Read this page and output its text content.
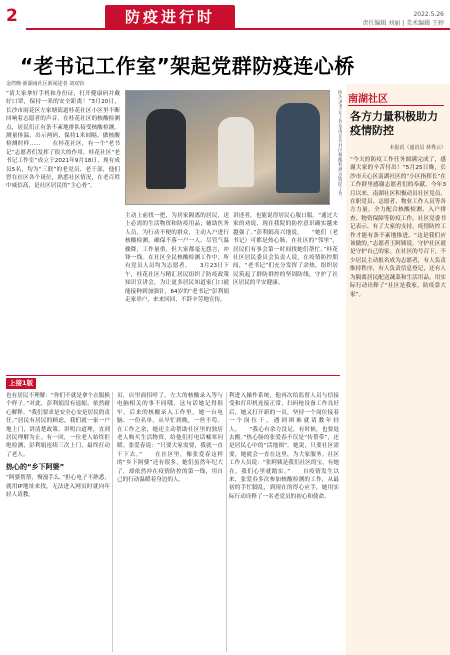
2	防疫进行时	2022.5.26
责任编辑 刘丽 | 美术编辑 王婷
“老书记工作室”架起党群防疫连心桥
金湾晚·新湖南社区新闻述者 刘双钧
“请大家拿好手机和身份证，打开健康码并戴好口罩，保持一米的安全距离！”3月20日，长沙市雨花区左家塘街道桂花社区小区里不断回响着志愿者的声音。在桂花社区的核酸检测点，居民们正有条不紊地排队接受核酸检测。测量体温、出示两码、保持1米间隔、做核酸检测时样……　　在桂花社区，有一个“老书记”志愿者们发挥了很大的作用。桂花社区“老书记工作室”成立于2021年9月18日，现有成员5名，均为“三联”的老党员、老干部，他们曾在社区各个岗位，熟悉社区情况，在老百姓中威信高，是社区居民的“主心骨”。	图为老书记工作室成员在社区核酸检测点协助工作。
主动上前找一把，为居家隔离的居民，送上必需的生活物资和防疫用品；辅助医务人员，为行动不便的群众，主动入户进行核酸检测。确保不落一户一人。尽管气温骤降，工作量重，但大家都毫无怨言，冲锋一线。在社区全民核酸检测工作中，所有党员人员均为志愿者。　　3月23日下午，桂花社区与精汇居民组织了防疫政策知识宣讲会，为让更多居民知道家门口就能接种到加强针，64岁的“老书记”彭利娟走家串户，来来回回，不辞辛劳地宣传。
讲述者，也能说得居民心服口服。“通过大家的劝说，现在我院的防控意识确实越来越强了。”彭利娟高兴地说。　　“她们（老书记）可都是热心肠，在社区的“邻里”，居民们有事会第一时间找她们帮忙。”桂花社区居民委员会负责人说，在疫情防控期间，“老书记”们充分发挥了余热，组织居民筑起了群防群控的坚固防线，守护了社区居民的平安健康。
南湖社区
各方力量积极助力疫情防控
本报讯（通讯员 林秀云）
“今天的防疫工作任务圆满完成了，感谢大家的辛苦付出！”5月25日晚，长沙市天心区南湖社区的“小区指挥长”在工作群里感谢志愿者们的奉献。今年3月以来，南湖社区积极动员社区党员、在职党员、志愿者、物业工作人员等各方力量，全力配合核酸检测、入户排查、物资保障等防疫工作。社区党委书记表示，有了大家的支持，疫情防控工作才能有条不紊地推进。“这是我们应该做的。”志愿者王阿姨说，守护社区就是守护自己的家。在社区的号召下，不少居民主动报名成为志愿者，有人负责维持秩序，有人负责信息登记，还有人为隔离居民配送蔬菜和生活用品，用实际行动诠释了“社区是我家，防疫靠大家”。
上接1版
也有居民不理解：“你们不就是拿个衣服换个样子。”对此，彭利娟没有退缩，依然耐心解释。“我们要求是安全心安是居民的责任。”居民有居民的顾虑，我们就一家一户地上门，讲清楚政策、讲明白道理，直到居民理解为止。有一回，一位老人始终拒绝检测，彭利娟连续三次上门，最终打动了老人。
热心的“乡下阿婆”
“阿婆帮帮，慢漫手么。”担心电子不熟悉，就用IP地址来找，无法进入网页时就向年轻人请教。
页，店里面招呼了。左大的核酸录入等与电脑相关的事不同哦，这句话她记得很牢。后来的核酸录入工作里，她一台电脑、一份名单，从早忙到晚，一丝不苟。在工作之余，她还主动帮助社区里的独居老人购买生活物资，给他们打电话嘘寒问暖。张爱春说：“只要大家需要，我就一直干下去。”　　在社区里，像张爱春这样的“乡下阿婆”还有很多，她们虽然年纪大了，却依然冲在疫情防控的第一线，用自己的行动温暖着身边的人。
利进入操作系统，他再次给监督人员与信接受和打印机连接正常，扫码枪设备工作良好后，她又打开新的一页，坚持一个岗位接着一个岗位干，遇到困难就请教年轻人。　　“我心有余力没足，有时候，也要退去搬。”热心肠的张爱春不仅是“传帮带”，还是居民心中的“活地图”。她说，只要社区需要，她就会一直在这里，为大家服务。社区工作人员说：“张阿姨是我们社区的宝，有她在，我们心里就踏实。”　　自疫情发生以来，张爱春多次参加核酸检测的工作，从最初的手忙脚乱，到现在的得心应手，她用实际行动诠释了一名老党员的初心和使命。
